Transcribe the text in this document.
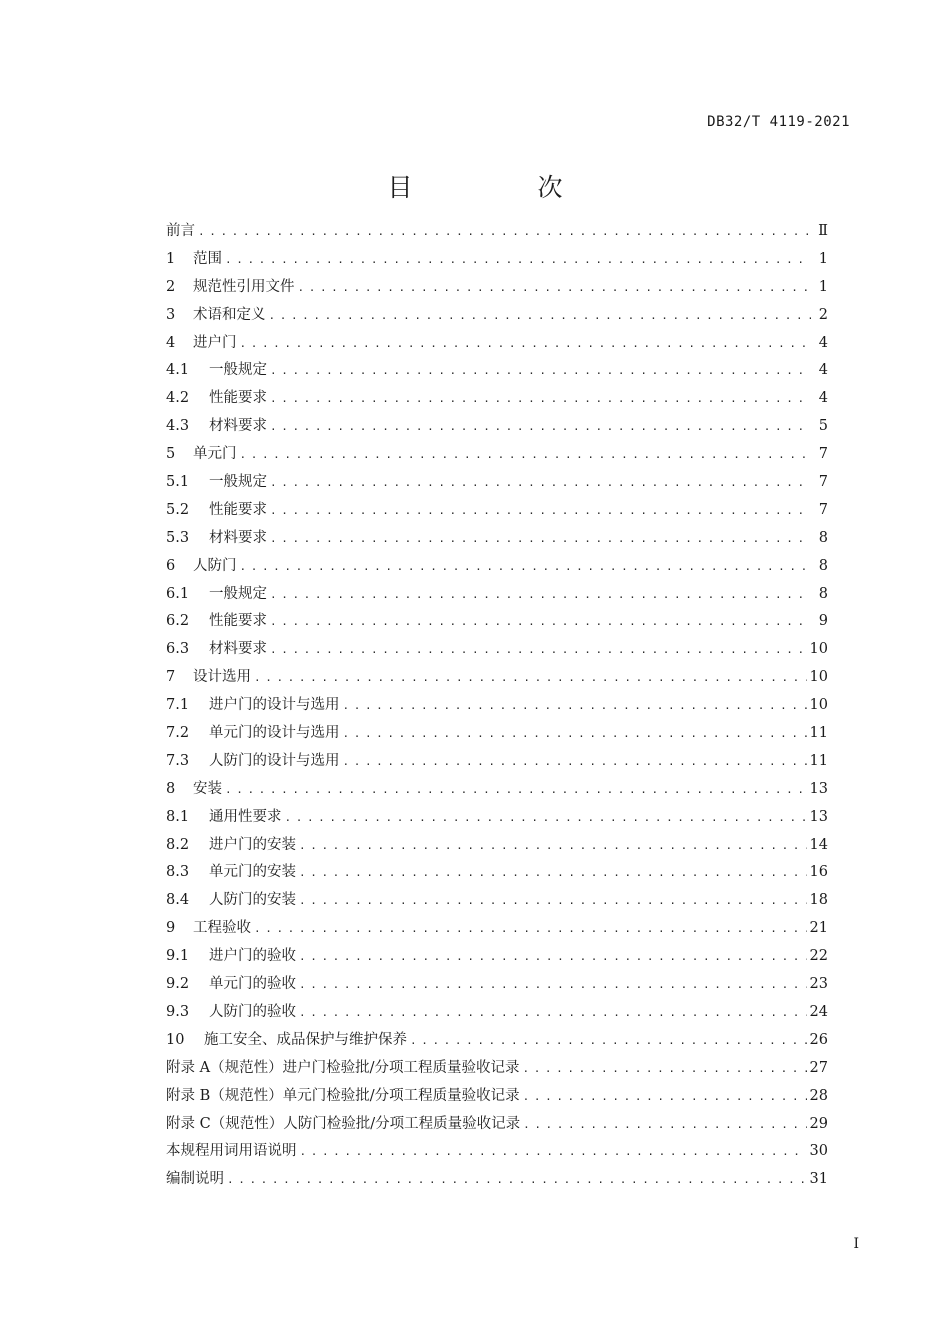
DB32/T 4119-2021
目　次
前言 .....	Ⅱ
1	范围 .....	1
2	规范性引用文件 .....	1
3	术语和定义 .....	2
4	进户门 .....	4
4.1	一般规定 .....	4
4.2	性能要求 .....	4
4.3	材料要求 .....	5
5	单元门 .....	7
5.1	一般规定 .....	7
5.2	性能要求 .....	7
5.3	材料要求 .....	8
6	人防门 .....	8
6.1	一般规定 .....	8
6.2	性能要求 .....	9
6.3	材料要求 .....	10
7	设计选用 .....	10
7.1	进户门的设计与选用 .....	10
7.2	单元门的设计与选用 .....	11
7.3	人防门的设计与选用 .....	11
8	安装 .....	13
8.1	通用性要求 .....	13
8.2	进户门的安装 .....	14
8.3	单元门的安装 .....	16
8.4	人防门的安装 .....	18
9	工程验收 .....	21
9.1	进户门的验收 .....	22
9.2	单元门的验收 .....	23
9.3	人防门的验收 .....	24
10	施工安全、成品保护与维护保养 .....	26
附录 A（规范性）进户门检验批/分项工程质量验收记录 .....	27
附录 B（规范性）单元门检验批/分项工程质量验收记录 .....	28
附录 C（规范性）人防门检验批/分项工程质量验收记录 .....	29
本规程用词用语说明 .....	30
编制说明 .....	31
I
